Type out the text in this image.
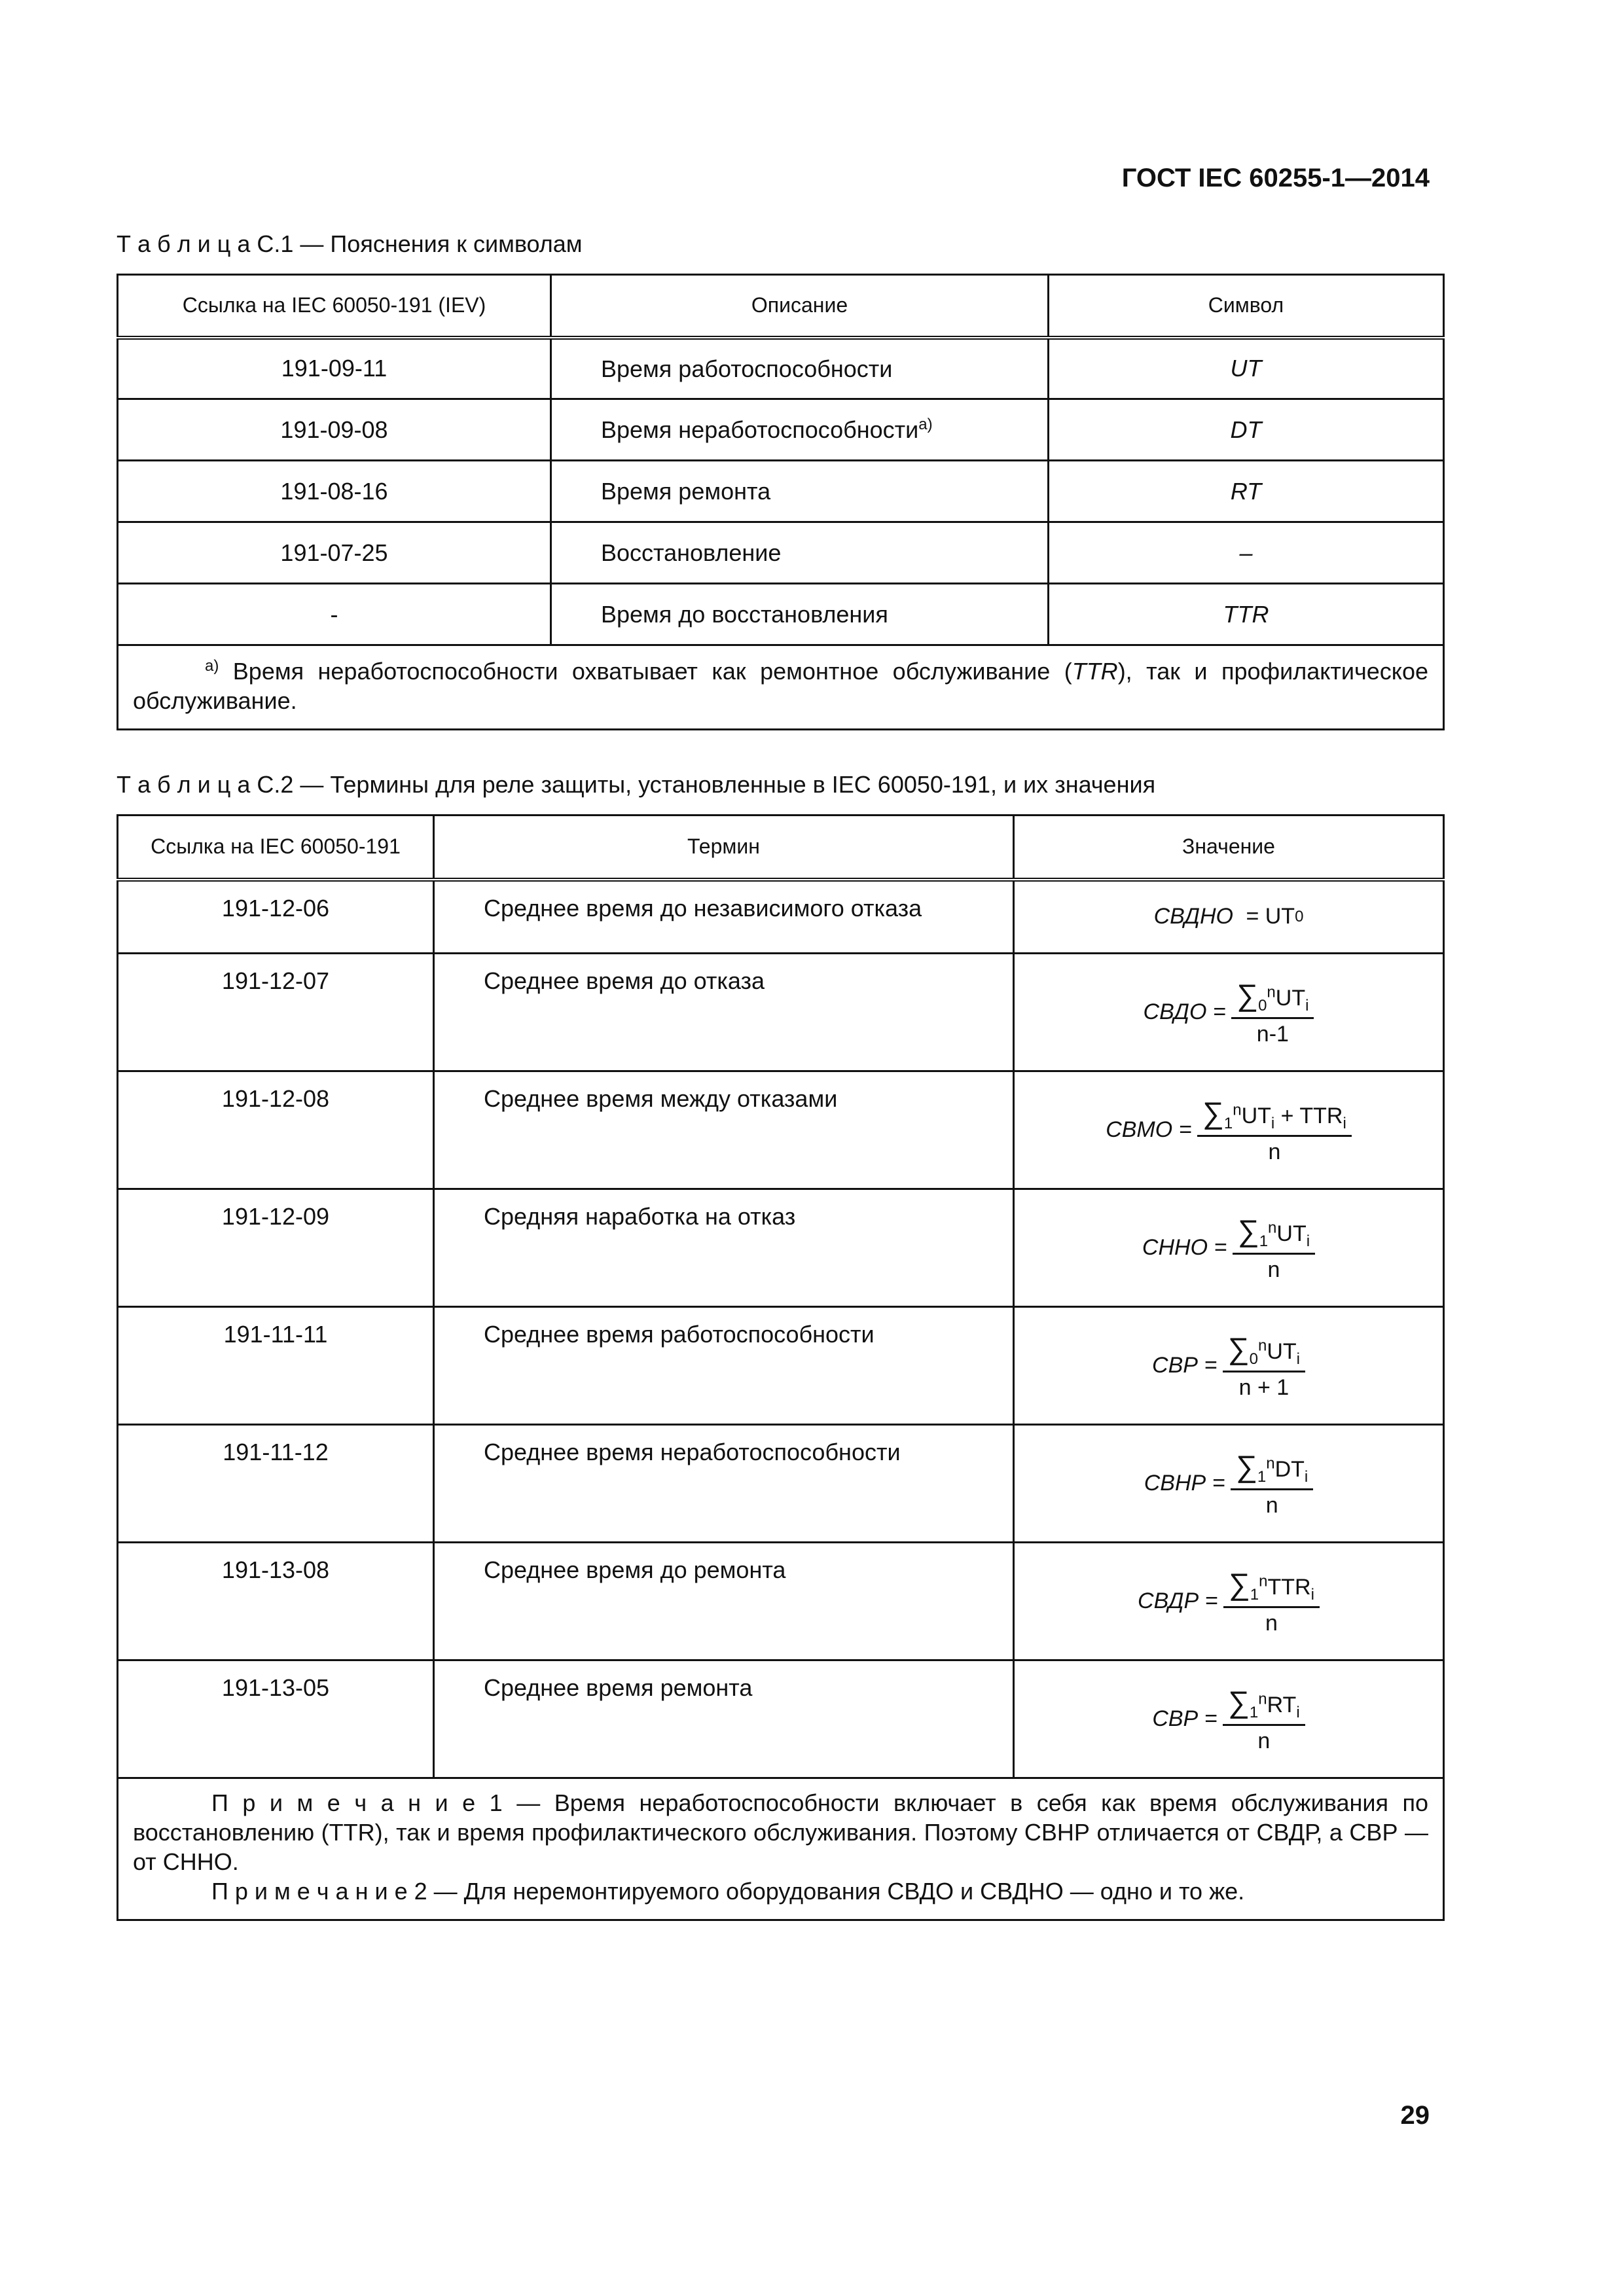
ГОСТ IEC 60255-1—2014
Т а б л и ц а С.1 — Пояснения к символам
Ссылка на IEC 60050-191 (IEV)	Описание	Символ
191-09-11	Время работоспособности	UT
191-09-08	Время неработоспособности$^{a)}$	DT
191-08-16	Время ремонта	RT
191-07-25	Восстановление	–
-	Время до восстановления	TTR
$^{a)}$ Время неработоспособности охватывает как ремонтное обслуживание (TTR), так и профилактическое обслуживание.		
Т а б л и ц а С.2 — Термины для реле защиты, установленные в IEC 60050-191, и их значения
Ссылка на IEC 60050-191	Термин	Значение
191-12-06	Среднее время до независимого отказа	СВДНО = UT 0

191-12-07	Среднее время до отказа	СВДО = $\frac{\sum_0^nUT_i}{n-1}$

191-12-08	Среднее время между отказами	СВМО = $\frac{\sum_1^nUT_i + TTR_i}{n}$

191-12-09	Средняя наработка на отказ	СННО = $\frac{\sum_1^nUT_i}{n}$

191-11-11	Среднее время работоспособности	СВР = $\frac{\sum_0^nUT_i}{n + 1}$

191-11-12	Среднее время неработоспособности	СВНР = $\frac{\sum_1^nDT_i}{n}$

191-13-08	Среднее время до ремонта	СВДР = $\frac{\sum_1^nTTR_i}{n}$

191-13-05	Среднее время ремонта	СВР = $\frac{\sum_1^nRT_i}{n}$

П р и м е ч а н и е 1 — Время неработоспособности включает в себя как время обслуживания по восстановлению (TTR), так и время профилактического обслуживания. Поэтому СВНР отличается от СВДР, а СВР — от СННО.

П р и м е ч а н и е 2 — Для неремонтируемого оборудования СВДО и СВДНО — одно и то же.		

29
